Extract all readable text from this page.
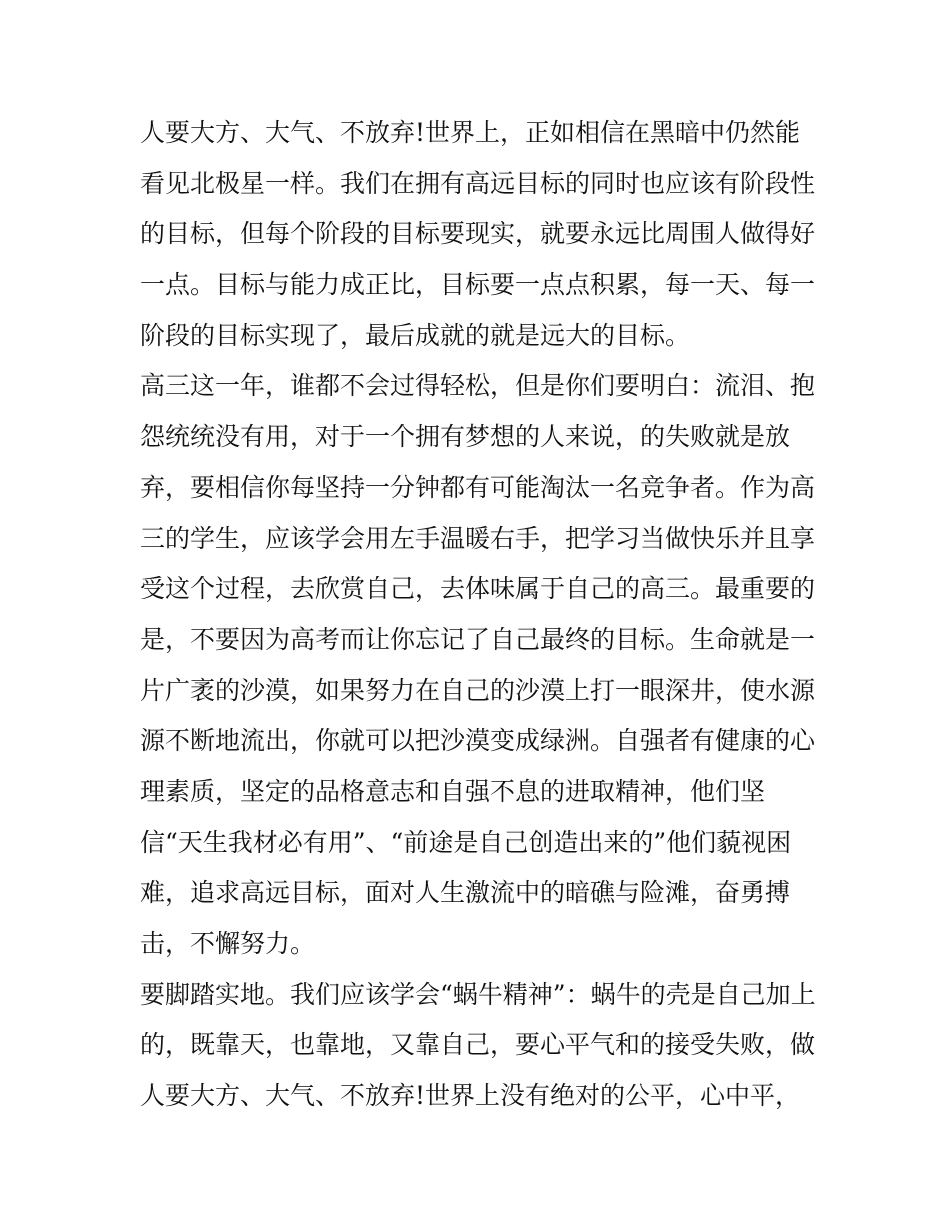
人要大方、大气、不放弃!世界上，正如相信在黑暗中仍然能

看见北极星一样。我们在拥有高远目标的同时也应该有阶段性

的目标，但每个阶段的目标要现实，就要永远比周围人做得好

一点。目标与能力成正比，目标要一点点积累，每一天、每一

阶段的目标实现了，最后成就的就是远大的目标。

高三这一年，谁都不会过得轻松，但是你们要明白：流泪、抱

怨统统没有用，对于一个拥有梦想的人来说，的失败就是放

弃，要相信你每坚持一分钟都有可能淘汰一名竞争者。作为高

三的学生，应该学会用左手温暖右手，把学习当做快乐并且享

受这个过程，去欣赏自己，去体味属于自己的高三。最重要的

是，不要因为高考而让你忘记了自己最终的目标。生命就是一

片广袤的沙漠，如果努力在自己的沙漠上打一眼深井，使水源

源不断地流出，你就可以把沙漠变成绿洲。自强者有健康的心

理素质，坚定的品格意志和自强不息的进取精神，他们坚

信“天生我材必有用”、“前途是自己创造出来的”他们藐视困

难，追求高远目标，面对人生激流中的暗礁与险滩，奋勇搏

击，不懈努力。

要脚踏实地。我们应该学会“蜗牛精神”：蜗牛的壳是自己加上

的，既靠天，也靠地，又靠自己，要心平气和的接受失败，做

人要大方、大气、不放弃!世界上没有绝对的公平，心中平，
